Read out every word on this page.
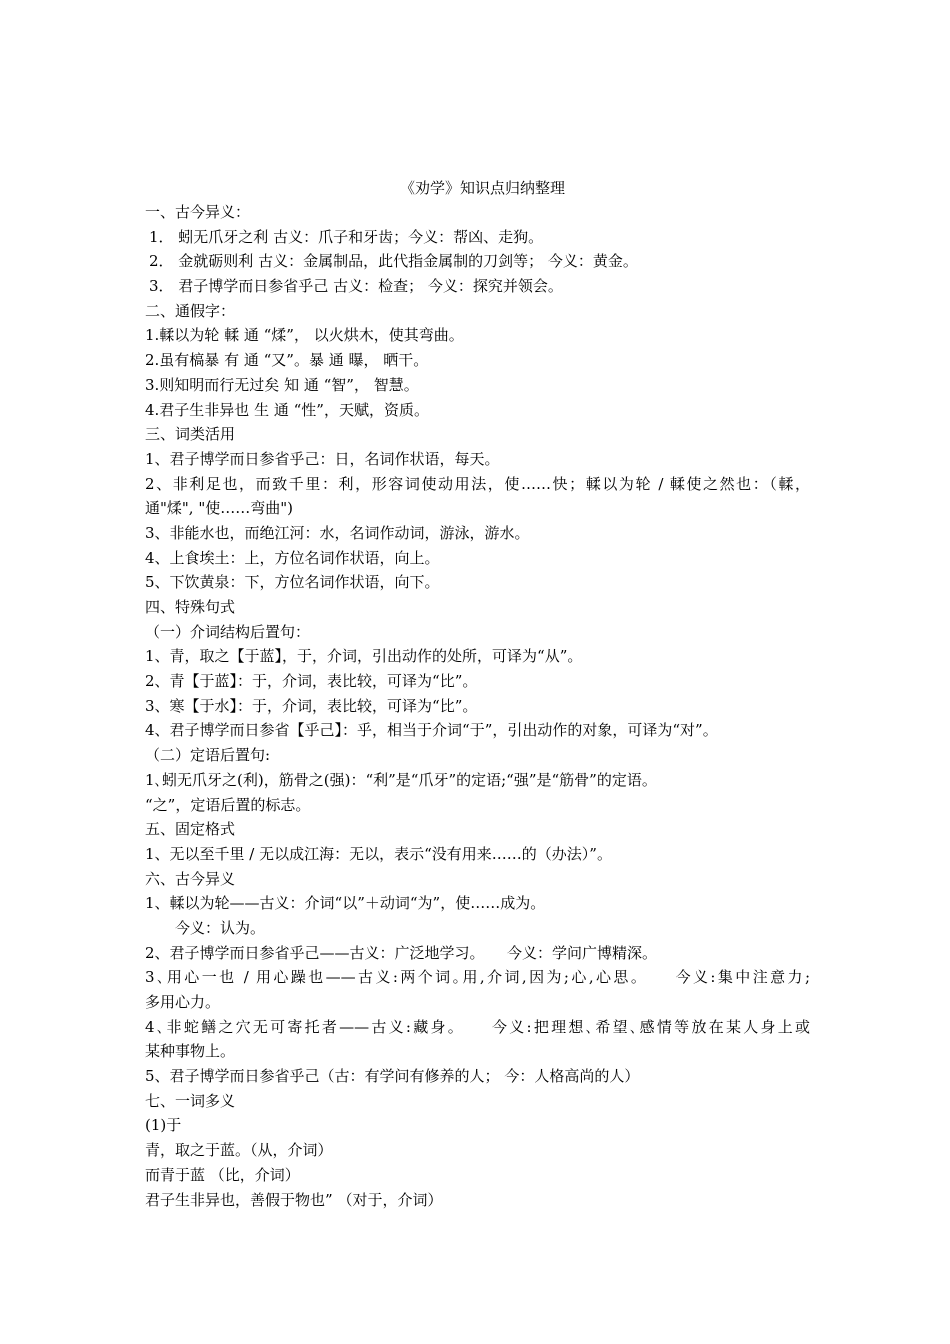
《劝学》知识点归纳整理
一、古今异义：
1． 蚓无爪牙之利 古义：爪子和牙齿；今义：帮凶、走狗。
2． 金就砺则利 古义：金属制品，此代指金属制的刀剑等； 今义：黄金。
3． 君子博学而日参省乎己 古义：检查； 今义：探究并领会。
二、通假字：
1.輮以为轮 輮 通 “煣”， 以火烘木，使其弯曲。
2.虽有槁暴 有 通 “又”。暴 通 曝， 晒干。
3.则知明而行无过矣 知 通 “智”， 智慧。
4.君子生非异也 生 通 “性”，天赋，资质。
三、词类活用
1、君子博学而日参省乎己：日，名词作状语，每天。
2、非利足也，而致千里：利，形容词使动用法，使……快；輮以为轮 / 輮使之然也：（輮，
通"煣", "使……弯曲")
3、非能水也，而绝江河：水，名词作动词，游泳，游水。
4、上食埃土：上，方位名词作状语，向上。
5、下饮黄泉：下，方位名词作状语，向下。
四、特殊句式
（一）介词结构后置句：
1、青，取之【于蓝】，于，介词，引出动作的处所，可译为“从”。
2、青【于蓝】：于，介词，表比较，可译为“比”。
3、寒【于水】：于，介词，表比较，可译为“比”。
4、君子博学而日参省【乎己】：乎，相当于介词“于”，引出动作的对象，可译为“对”。
（二）定语后置句:
1､蚓无爪牙之(利)，筋骨之(强)：“利”是“爪牙”的定语;“强”是“筋骨”的定语。
“之”，定语后置的标志。
五、固定格式
1、无以至千里 / 无以成江海：无以，表示“没有用来……的（办法）”。
六、古今异义
1、輮以为轮——古义：介词“以”＋动词“为”，使……成为。
今义：认为。
2、君子博学而日参省乎己——古义：广泛地学习。　　今义：学问广博精深。
3､用心一也 / 用心躁也——古义:两个词｡用,介词,因为;心,心思｡　　今义:集中注意力;
多用心力。
4､非蛇鳝之穴无可寄托者——古义:藏身｡　　今义:把理想､希望､感情等放在某人身上或
某种事物上。
5、君子博学而日参省乎己（古：有学问有修养的人； 今：人格高尚的人）
七、一词多义
(1)于
青，取之于蓝。（从，介词）
而青于蓝 （比，介词）
君子生非异也，善假于物也” （对于，介词）
